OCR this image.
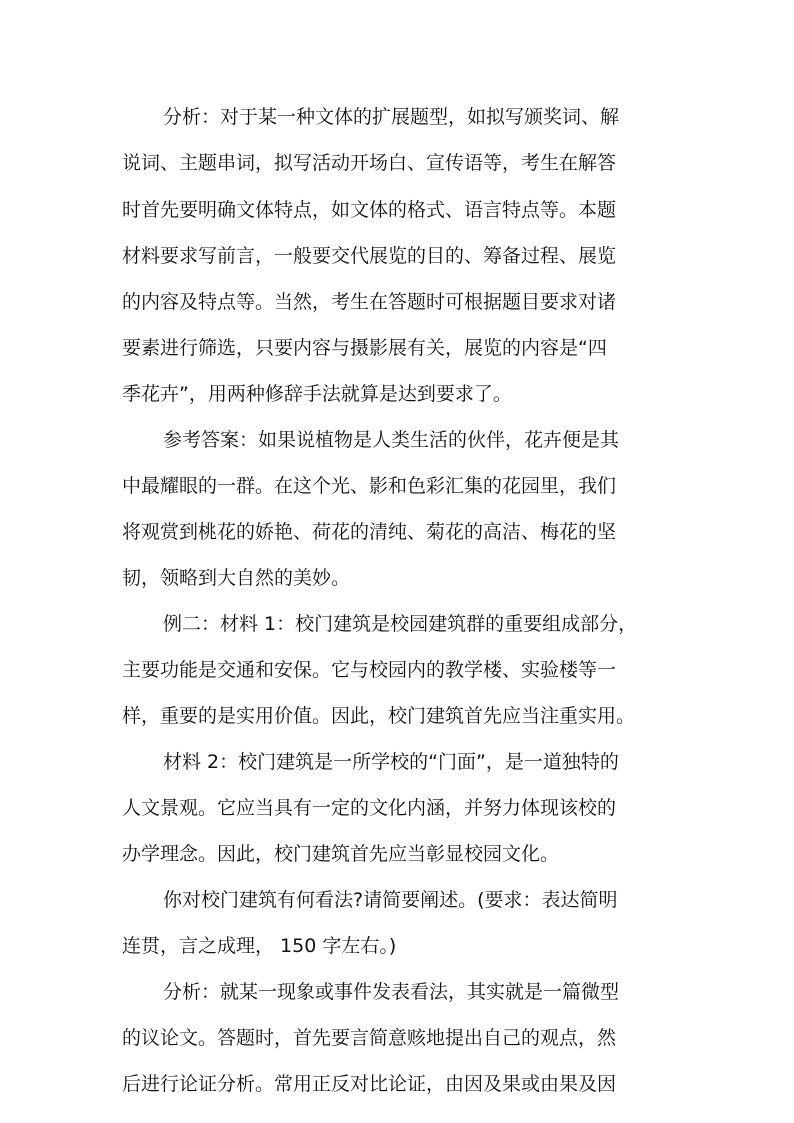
分析：对于某一种文体的扩展题型，如拟写颁奖词、解
说词、主题串词，拟写活动开场白、宣传语等，考生在解答
时首先要明确文体特点，如文体的格式、语言特点等。本题
材料要求写前言，一般要交代展览的目的、筹备过程、展览
的内容及特点等。当然，考生在答题时可根据题目要求对诸
要素进行筛选，只要内容与摄影展有关，展览的内容是“四
季花卉”，用两种修辞手法就算是达到要求了。
参考答案：如果说植物是人类生活的伙伴，花卉便是其
中最耀眼的一群。在这个光、影和色彩汇集的花园里，我们
将观赏到桃花的娇艳、荷花的清纯、菊花的高洁、梅花的坚
韧，领略到大自然的美妙。
例二：材料 1：校门建筑是校园建筑群的重要组成部分，
主要功能是交通和安保。它与校园内的教学楼、实验楼等一
样，重要的是实用价值。因此，校门建筑首先应当注重实用。
材料 2：校门建筑是一所学校的“门面”，是一道独特的
人文景观。它应当具有一定的文化内涵，并努力体现该校的
办学理念。因此，校门建筑首先应当彰显校园文化。
你对校门建筑有何看法?请简要阐述。(要求：表达简明
连贯，言之成理， 150 字左右。)
分析：就某一现象或事件发表看法，其实就是一篇微型
的议论文。答题时，首先要言简意赅地提出自己的观点，然
后进行论证分析。常用正反对比论证，由因及果或由果及因
